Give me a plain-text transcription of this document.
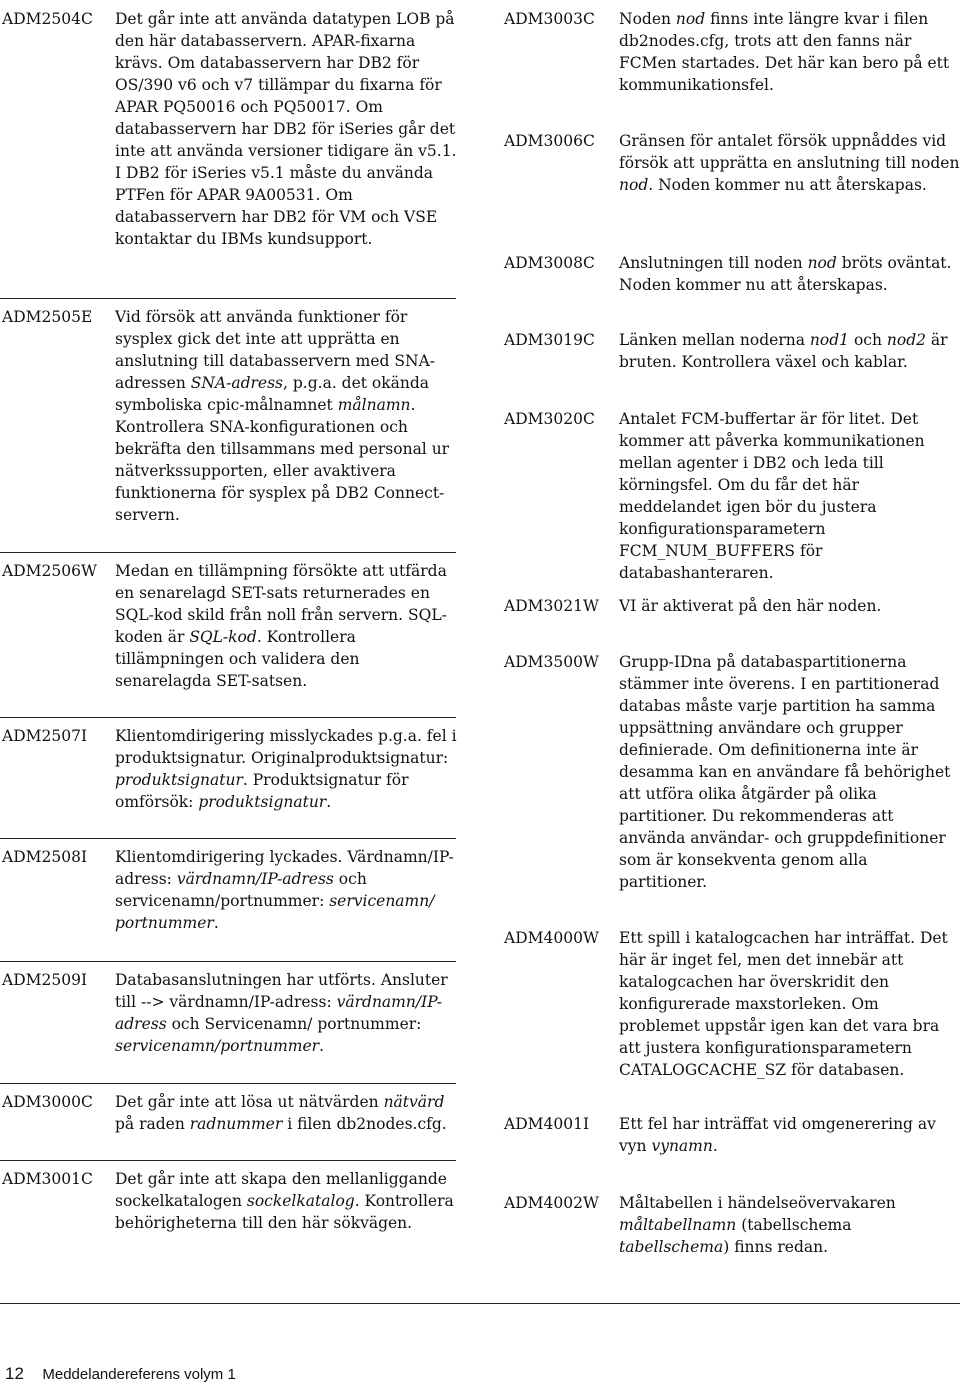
ADM2504C Det går inte att använda datatypen LOB på den här databasservern. APAR-fixarna krävs. Om databasservern har DB2 för OS/390 v6 och v7 tillämpar du fixarna för APAR PQ50016 och PQ50017. Om databasservern har DB2 för iSeries går det inte att använda versioner tidigare än v5.1. I DB2 för iSeries v5.1 måste du använda PTFen för APAR 9A00531. Om databasservern har DB2 för VM och VSE kontaktar du IBMs kundsupport.
ADM2505E Vid försök att använda funktioner för sysplex gick det inte att upprätta en anslutning till databasservern med SNA-adressen SNA-adress, p.g.a. det okända symboliska cpic-målnamnet målnamn. Kontrollera SNA-konfigurationen och bekräfta den tillsammans med personal ur nätverkssupporten, eller avaktivera funktionerna för sysplex på DB2 Connect-servern.
ADM2506W Medan en tillämpning försökte att utfärda en senarelagd SET-sats returnerades en SQL-kod skild från noll från servern. SQL-koden är SQL-kod. Kontrollera tillämpningen och validera den senarelagda SET-satsen.
ADM2507I Klientomdirigering misslyckades p.g.a. fel i produktsignatur. Originalproduktsignatur: produktsignatur. Produktsignatur för omförsök: produktsignatur.
ADM2508I Klientomdirigering lyckades. Värdnamn/IP-adress: värdnamn/IP-adress och servicenamn/portnummer: servicenamn/ portnummer.
ADM2509I Databasanslutningen har utförts. Ansluter till --> värdnamn/IP-adress: värdnamn/IP-adress och Servicenamn/ portnummer: servicenamn/portnummer.
ADM3000C Det går inte att lösa ut nätvärden nätvärd på raden radnummer i filen db2nodes.cfg.
ADM3001C Det går inte att skapa den mellanliggande sockelkatalogen sockelkatalog. Kontrollera behörigheterna till den här sökvägen.
ADM3003C Noden nod finns inte längre kvar i filen db2nodes.cfg, trots att den fanns när FCMen startades. Det här kan bero på ett kommunikationsfel.
ADM3006C Gränsen för antalet försök uppnåddes vid försök att upprätta en anslutning till noden nod. Noden kommer nu att återskapas.
ADM3008C Anslutningen till noden nod bröts oväntat. Noden kommer nu att återskapas.
ADM3019C Länken mellan noderna nod1 och nod2 är bruten. Kontrollera växel och kablar.
ADM3020C Antalet FCM-buffertar är för litet. Det kommer att påverka kommunikationen mellan agenter i DB2 och leda till körningsfel. Om du får det här meddelandet igen bör du justera konfigurationsparametern FCM_NUM_BUFFERS för databashanteraren.
ADM3021W VI är aktiverat på den här noden.
ADM3500W Grupp-IDna på databaspartitionerna stämmer inte överens. I en partitionerad databas måste varje partition ha samma uppsättning användare och grupper definierade. Om definitionerna inte är desamma kan en användare få behörighet att utföra olika åtgärder på olika partitioner. Du rekommenderas att använda användar- och gruppdefinitioner som är konsekventa genom alla partitioner.
ADM4000W Ett spill i katalogcachen har inträffat. Det här är inget fel, men det innebär att katalogcachen har överskridit den konfigurerade maxstorleken. Om problemet uppstår igen kan det vara bra att justera konfigurationsparametern CATALOGCACHE_SZ för databasen.
ADM4001I Ett fel har inträffat vid omgenerering av vyn vynamn.
ADM4002W Måltabellen i händelseövervakaren måltabellnamn (tabellschema tabellschema) finns redan.
12 Meddelandereferens volym 1
